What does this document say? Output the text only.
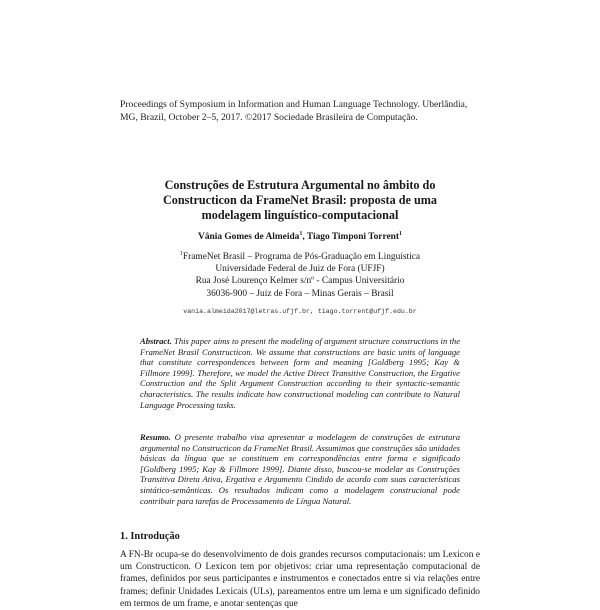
Proceedings of Symposium in Information and Human Language Technology. Uberlândia, MG, Brazil, October 2–5, 2017. ©2017 Sociedade Brasileira de Computação.
Construções de Estrutura Argumental no âmbito do Constructicon da FrameNet Brasil: proposta de uma modelagem linguístico-computacional
Vânia Gomes de Almeida$^1$, Tiago Timponi Torrent$^1$
$^1$FrameNet Brasil – Programa de Pós-Graduação em Linguística
Universidade Federal de Juiz de Fora (UFJF)
Rua José Lourenço Kelmer s/nº - Campus Universitário
36036-900 – Juiz de Fora – Minas Gerais – Brasil
vania.almeida2017@letras.ufjf.br, tiago.torrent@ufjf.edu.br
Abstract. This paper aims to present the modeling of argument structure constructions in the FrameNet Brasil Constructicon. We assume that constructions are basic units of language that constitute correspondences between form and meaning [Goldberg 1995; Kay & Fillmore 1999]. Therefore, we model the Active Direct Transitive Construction, the Ergative Construction and the Split Argument Construction according to their syntactic-semantic characteristics. The results indicate how constructional modeling can contribute to Natural Language Processing tasks.
Resumo. O presente trabalho visa apresentar a modelagem de construções de estrutura argumental no Constructicon da FrameNet Brasil. Assumimos que construções são unidades básicas da língua que se constituem em correspondências entre forma e significado [Goldberg 1995; Kay & Fillmore 1999]. Diante disso, buscou-se modelar as Construções Transitiva Direta Ativa, Ergativa e Argumento Cindido de acordo com suas características sintático-semânticas. Os resultados indicam como a modelagem construcional pode contribuir para tarefas de Processamento de Língua Natural.
1. Introdução
A FN-Br ocupa-se do desenvolvimento de dois grandes recursos computacionais: um Lexicon e um Constructicon. O Lexicon tem por objetivos: criar uma representação computacional de frames, definidos por seus participantes e instrumentos e conectados entre si via relações entre frames; definir Unidades Lexicais (ULs), pareamentos entre um lema e um significado definido em termos de um frame, e anotar sentenças que
